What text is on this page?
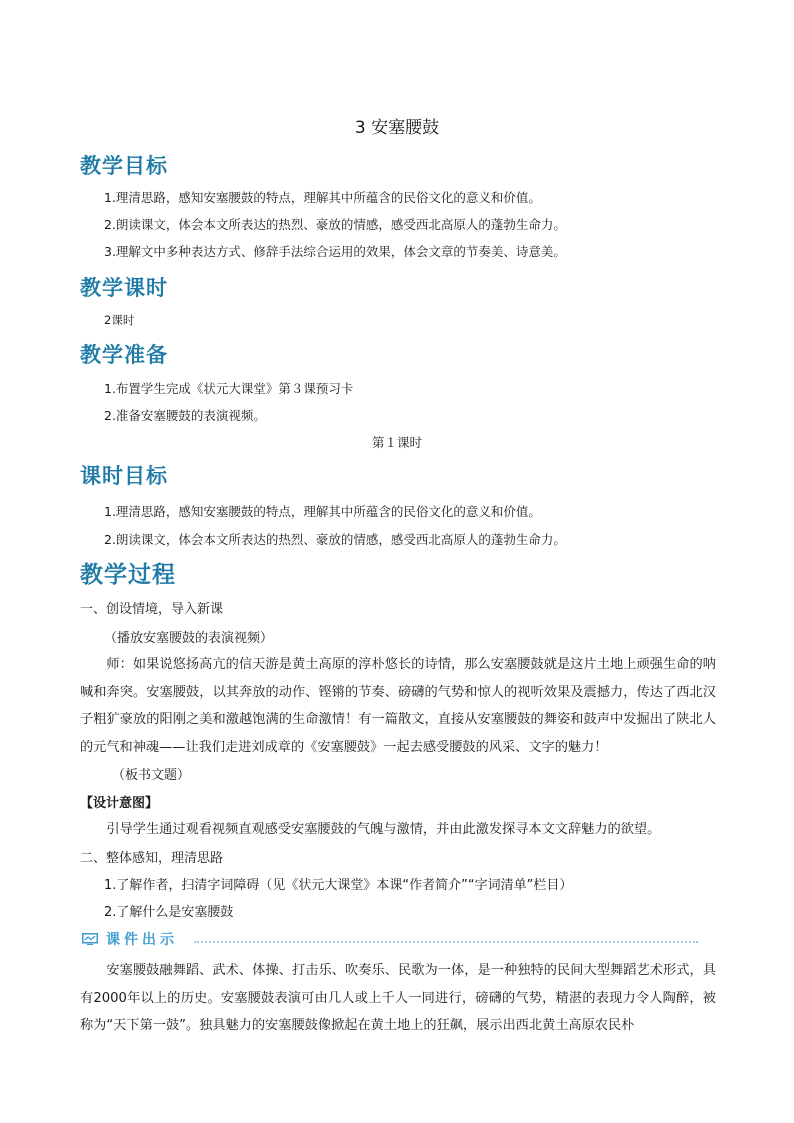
3 安塞腰鼓
教学目标
1.理清思路，感知安塞腰鼓的特点，理解其中所蕴含的民俗文化的意义和价值。
2.朗读课文，体会本文所表达的热烈、豪放的情感，感受西北高原人的蓬勃生命力。
3.理解文中多种表达方式、修辞手法综合运用的效果，体会文章的节奏美、诗意美。
教学课时
2课时
教学准备
1.布置学生完成《状元大课堂》第３课预习卡
2.准备安塞腰鼓的表演视频。
第１课时
课时目标
1.理清思路，感知安塞腰鼓的特点，理解其中所蕴含的民俗文化的意义和价值。
2.朗读课文，体会本文所表达的热烈、豪放的情感，感受西北高原人的蓬勃生命力。
教学过程
一、创设情境，导入新课
（播放安塞腰鼓的表演视频）
师：如果说悠扬高亢的信天游是黄土高原的淳朴悠长的诗情，那么安塞腰鼓就是这片土地上顽强生命的呐喊和奔突。安塞腰鼓，以其奔放的动作、铿锵的节奏、磅礴的气势和惊人的视听效果及震撼力，传达了西北汉子粗犷豪放的阳刚之美和激越饱满的生命激情！有一篇散文，直接从安塞腰鼓的舞姿和鼓声中发掘出了陕北人的元气和神魂——让我们走进刘成章的《安塞腰鼓》一起去感受腰鼓的风采、文字的魅力！
（板书文题）
【设计意图】
引导学生通过观看视频直观感受安塞腰鼓的气魄与激情，并由此激发探寻本文文辞魅力的欲望。
二、整体感知，理清思路
1.了解作者，扫清字词障碍（见《状元大课堂》本课“作者简介”“字词清单”栏目）
2.了解什么是安塞腰鼓
课件出示
安塞腰鼓融舞蹈、武术、体操、打击乐、吹奏乐、民歌为一体，是一种独特的民间大型舞蹈艺术形式，具有2000年以上的历史。安塞腰鼓表演可由几人或上千人一同进行，磅礴的气势，精湛的表现力令人陶醉，被称为“天下第一鼓”。独具魅力的安塞腰鼓像掀起在黄土地上的狂飙，展示出西北黄土高原农民朴
